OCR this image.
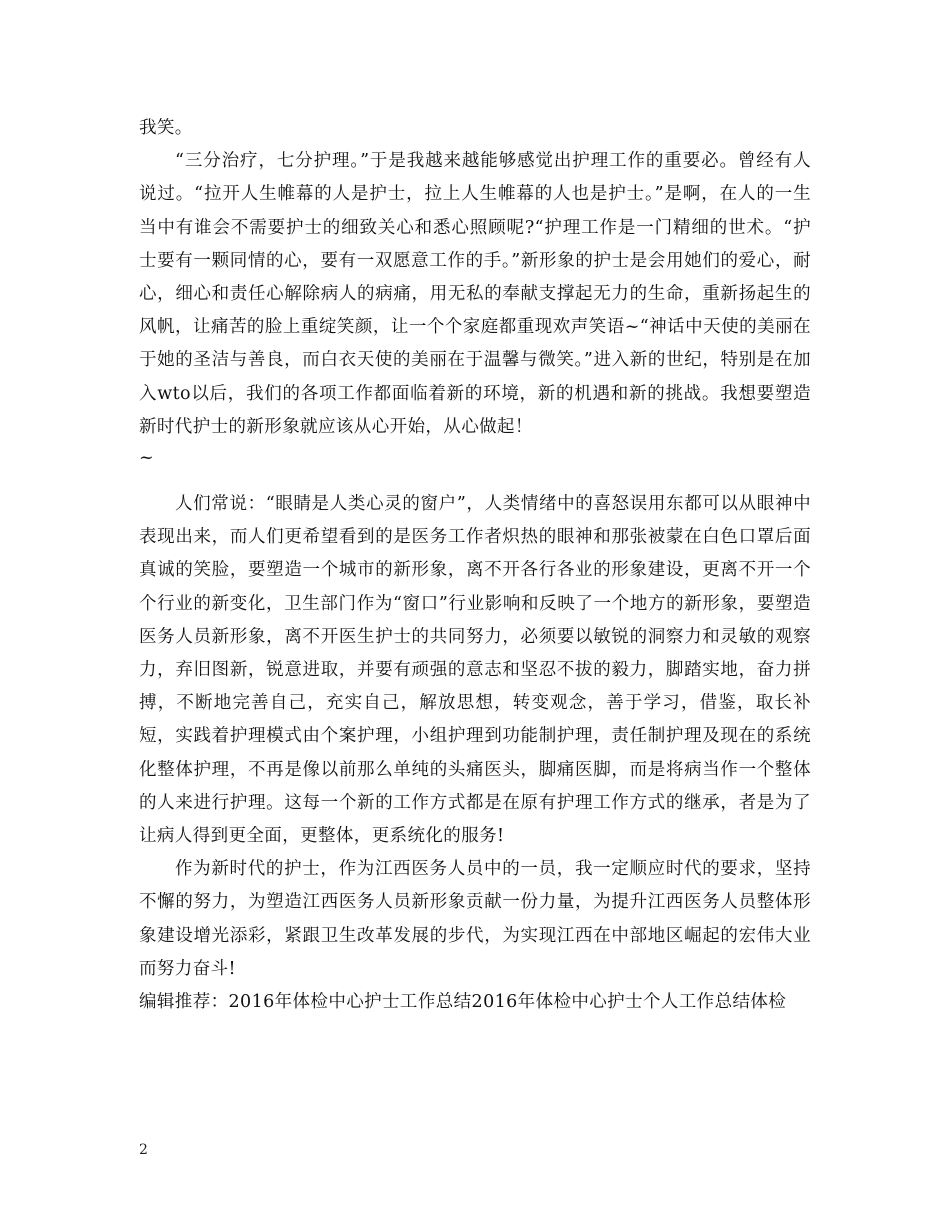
我笑。

“三分治疗，七分护理。”于是我越来越能够感觉出护理工作的重要必。曾经有人说过。“拉开人生帷幕的人是护士，拉上人生帷幕的人也是护士。”是啊，在人的一生当中有谁会不需要护士的细致关心和悉心照顾呢?“护理工作是一门精细的世术。“护士要有一颗同情的心，要有一双愿意工作的手。”新形象的护士是会用她们的爱心，耐心，细心和责任心解除病人的病痛，用无私的奉献支撑起无力的生命，重新扬起生的风帆，让痛苦的脸上重绽笑颜，让一个个家庭都重现欢声笑语~“神话中天使的美丽在于她的圣洁与善良，而白衣天使的美丽在于温馨与微笑。”进入新的世纪，特别是在加入wto以后，我们的各项工作都面临着新的环境，新的机遇和新的挑战。我想要塑造新时代护士的新形象就应该从心开始，从心做起！

~

人们常说：“眼睛是人类心灵的窗户”，人类情绪中的喜怒误用东都可以从眼神中表现出来，而人们更希望看到的是医务工作者炽热的眼神和那张被蒙在白色口罩后面真诚的笑脸，要塑造一个城市的新形象，离不开各行各业的形象建设，更离不开一个个行业的新变化，卫生部门作为“窗口”行业影响和反映了一个地方的新形象，要塑造医务人员新形象，离不开医生护士的共同努力，必须要以敏锐的洞察力和灵敏的观察力，弃旧图新，锐意进取，并要有顽强的意志和坚忍不拔的毅力，脚踏实地，奋力拼搏，不断地完善自己，充实自己，解放思想，转变观念，善于学习，借鉴，取长补短，实践着护理模式由个案护理，小组护理到功能制护理，责任制护理及现在的系统化整体护理，不再是像以前那么单纯的头痛医头，脚痛医脚，而是将病当作一个整体的人来进行护理。这每一个新的工作方式都是在原有护理工作方式的继承，者是为了让病人得到更全面，更整体，更系统化的服务!

作为新时代的护士，作为江西医务人员中的一员，我一定顺应时代的要求，坚持不懈的努力，为塑造江西医务人员新形象贡献一份力量，为提升江西医务人员整体形象建设增光添彩，紧跟卫生改革发展的步代，为实现江西在中部地区崛起的宏伟大业而努力奋斗!

编辑推荐：2016年体检中心护士工作总结2016年体检中心护士个人工作总结体检

2
